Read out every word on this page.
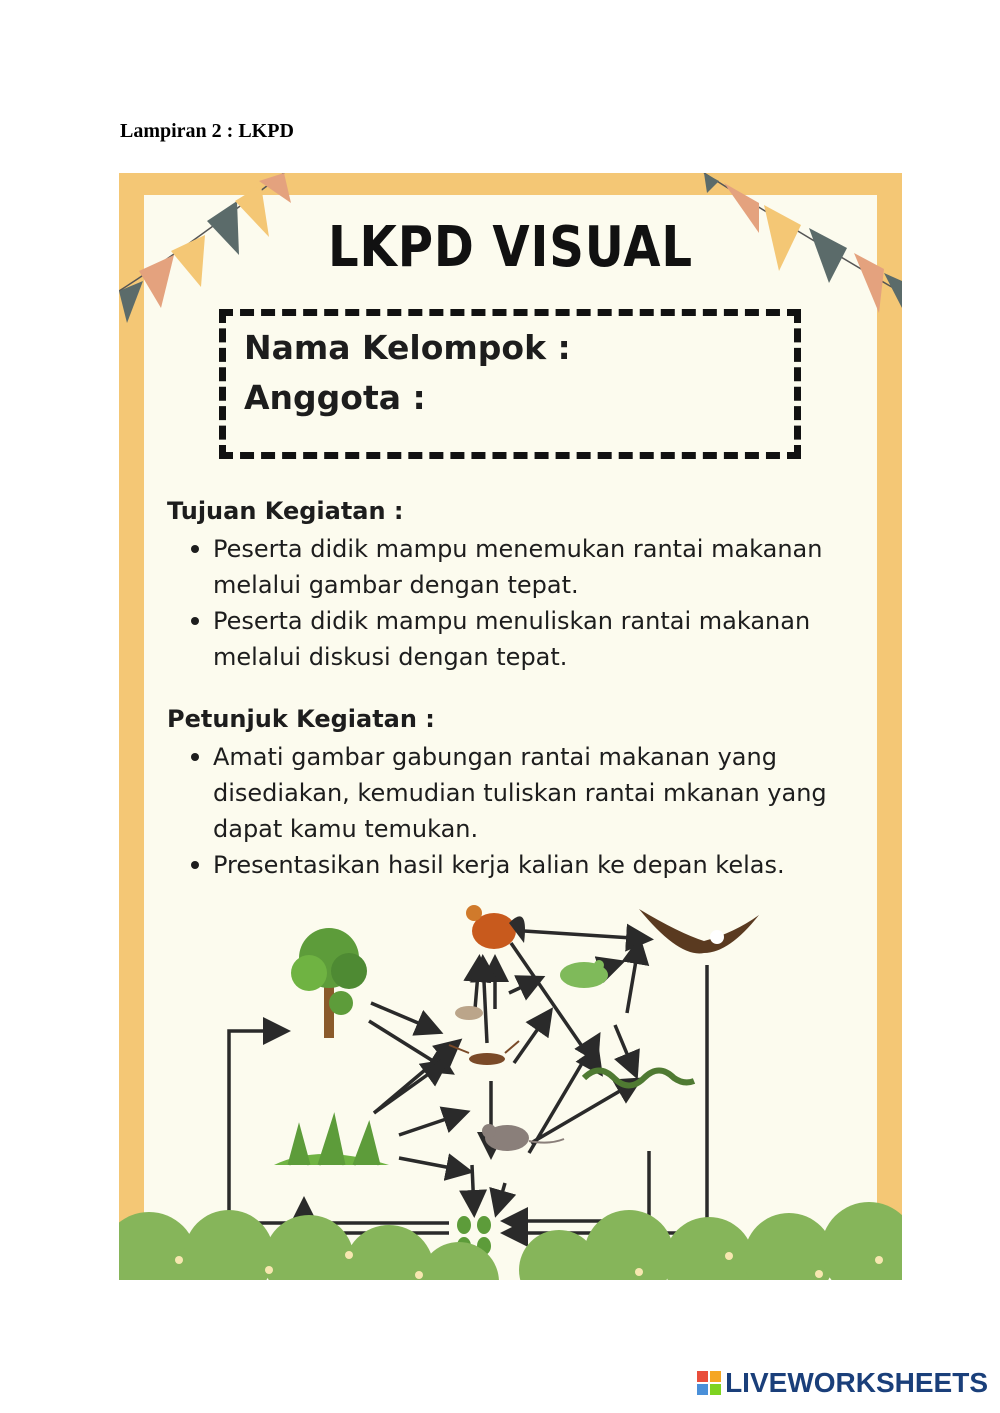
Lampiran 2 : LKPD
LKPD VISUAL
Nama Kelompok :
Anggota :
Tujuan Kegiatan :
Peserta didik mampu menemukan rantai makanan melalui gambar dengan tepat.
Peserta didik mampu menuliskan rantai makanan melalui diskusi dengan tepat.
Petunjuk Kegiatan :
Amati gambar gabungan rantai makanan yang disediakan, kemudian tuliskan rantai mkanan yang dapat kamu temukan.
Presentasikan hasil kerja kalian ke depan kelas.
LIVEWORKSHEETS
